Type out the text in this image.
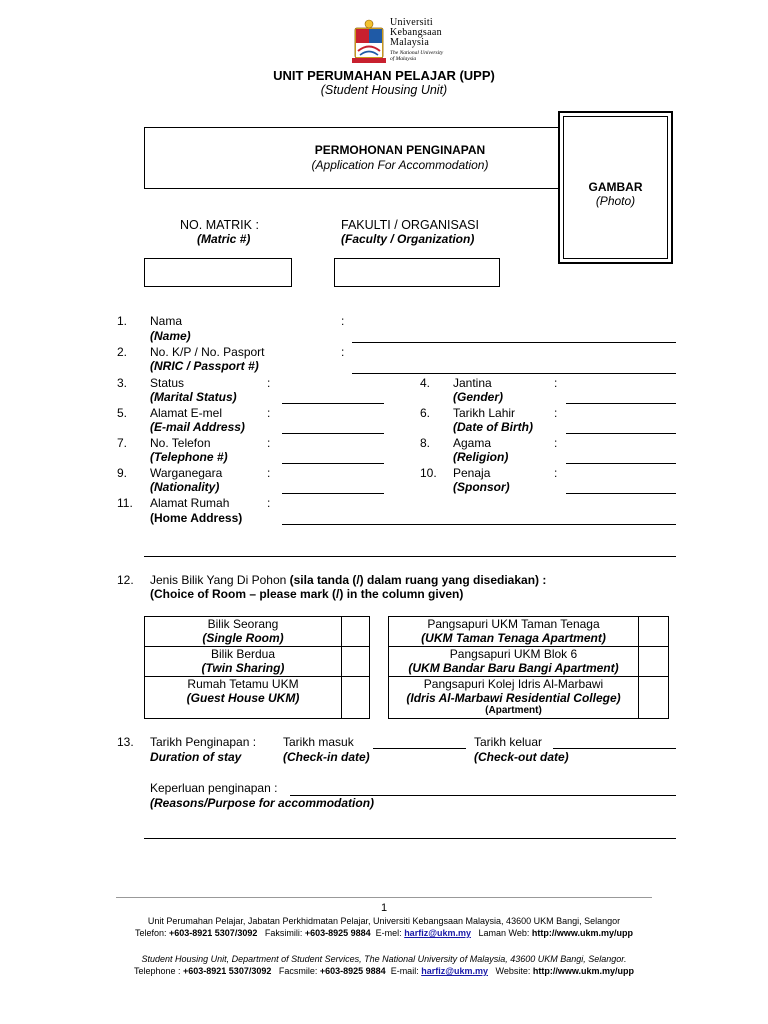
Universiti
Kebangsaan
Malaysia
The National University
of Malaysia
UNIT PERUMAHAN PELAJAR (UPP)
(Student Housing Unit)
PERMOHONAN PENGINAPAN
(Application For Accommodation)
GAMBAR
(Photo)
NO. MATRIK :
(Matric #)
FAKULTI / ORGANISASI
(Faculty / Organization)
1. Nama
(Name)
:
2. No. K/P / No. Pasport
(NRIC / Passport #)
:
3. Status
(Marital Status)
:	4. Jantina
(Gender)
:
5. Alamat E-mel
(E-mail Address)
:	6. Tarikh Lahir
(Date of Birth)
:
7. No. Telefon
(Telephone #)
:	8. Agama
(Religion)
:
9. Warganegara
(Nationality)
:	10. Penaja
(Sponsor)
:
11. Alamat Rumah
(Home Address)
:
12. Jenis Bilik Yang Di Pohon (sila tanda (/) dalam ruang yang disediakan) :
(Choice of Room – please mark (/) in the column given)
Bilik Seorang
(Single Room)	

Bilik Berdua
(Twin Sharing)	

Rumah Tetamu UKM
(Guest House UKM)	

Pangsapuri UKM Taman Tenaga
(UKM Taman Tenaga Apartment)	

Pangsapuri UKM Blok 6
(UKM Bandar Baru Bangi Apartment)	

Pangsapuri Kolej Idris Al-Marbawi
(Idris Al-Marbawi Residential College)
(Apartment)	

13. Tarikh Penginapan :
Duration of stay
Tarikh masuk
(Check-in date)
Tarikh keluar
(Check-out date)
Keperluan penginapan :
(Reasons/Purpose for accommodation)
1
Unit Perumahan Pelajar, Jabatan Perkhidmatan Pelajar, Universiti Kebangsaan Malaysia, 43600 UKM Bangi, Selangor
Telefon: +603-8921 5307/3092   Faksimili: +603-8925 9884  E-mel: harfiz@ukm.my   Laman Web: http://www.ukm.my/upp
Student Housing Unit, Department of Student Services, The National University of Malaysia, 43600 UKM Bangi, Selangor.
Telephone : +603-8921 5307/3092   Facsmile: +603-8925 9884  E-mail: harfiz@ukm.my   Website: http://www.ukm.my/upp
